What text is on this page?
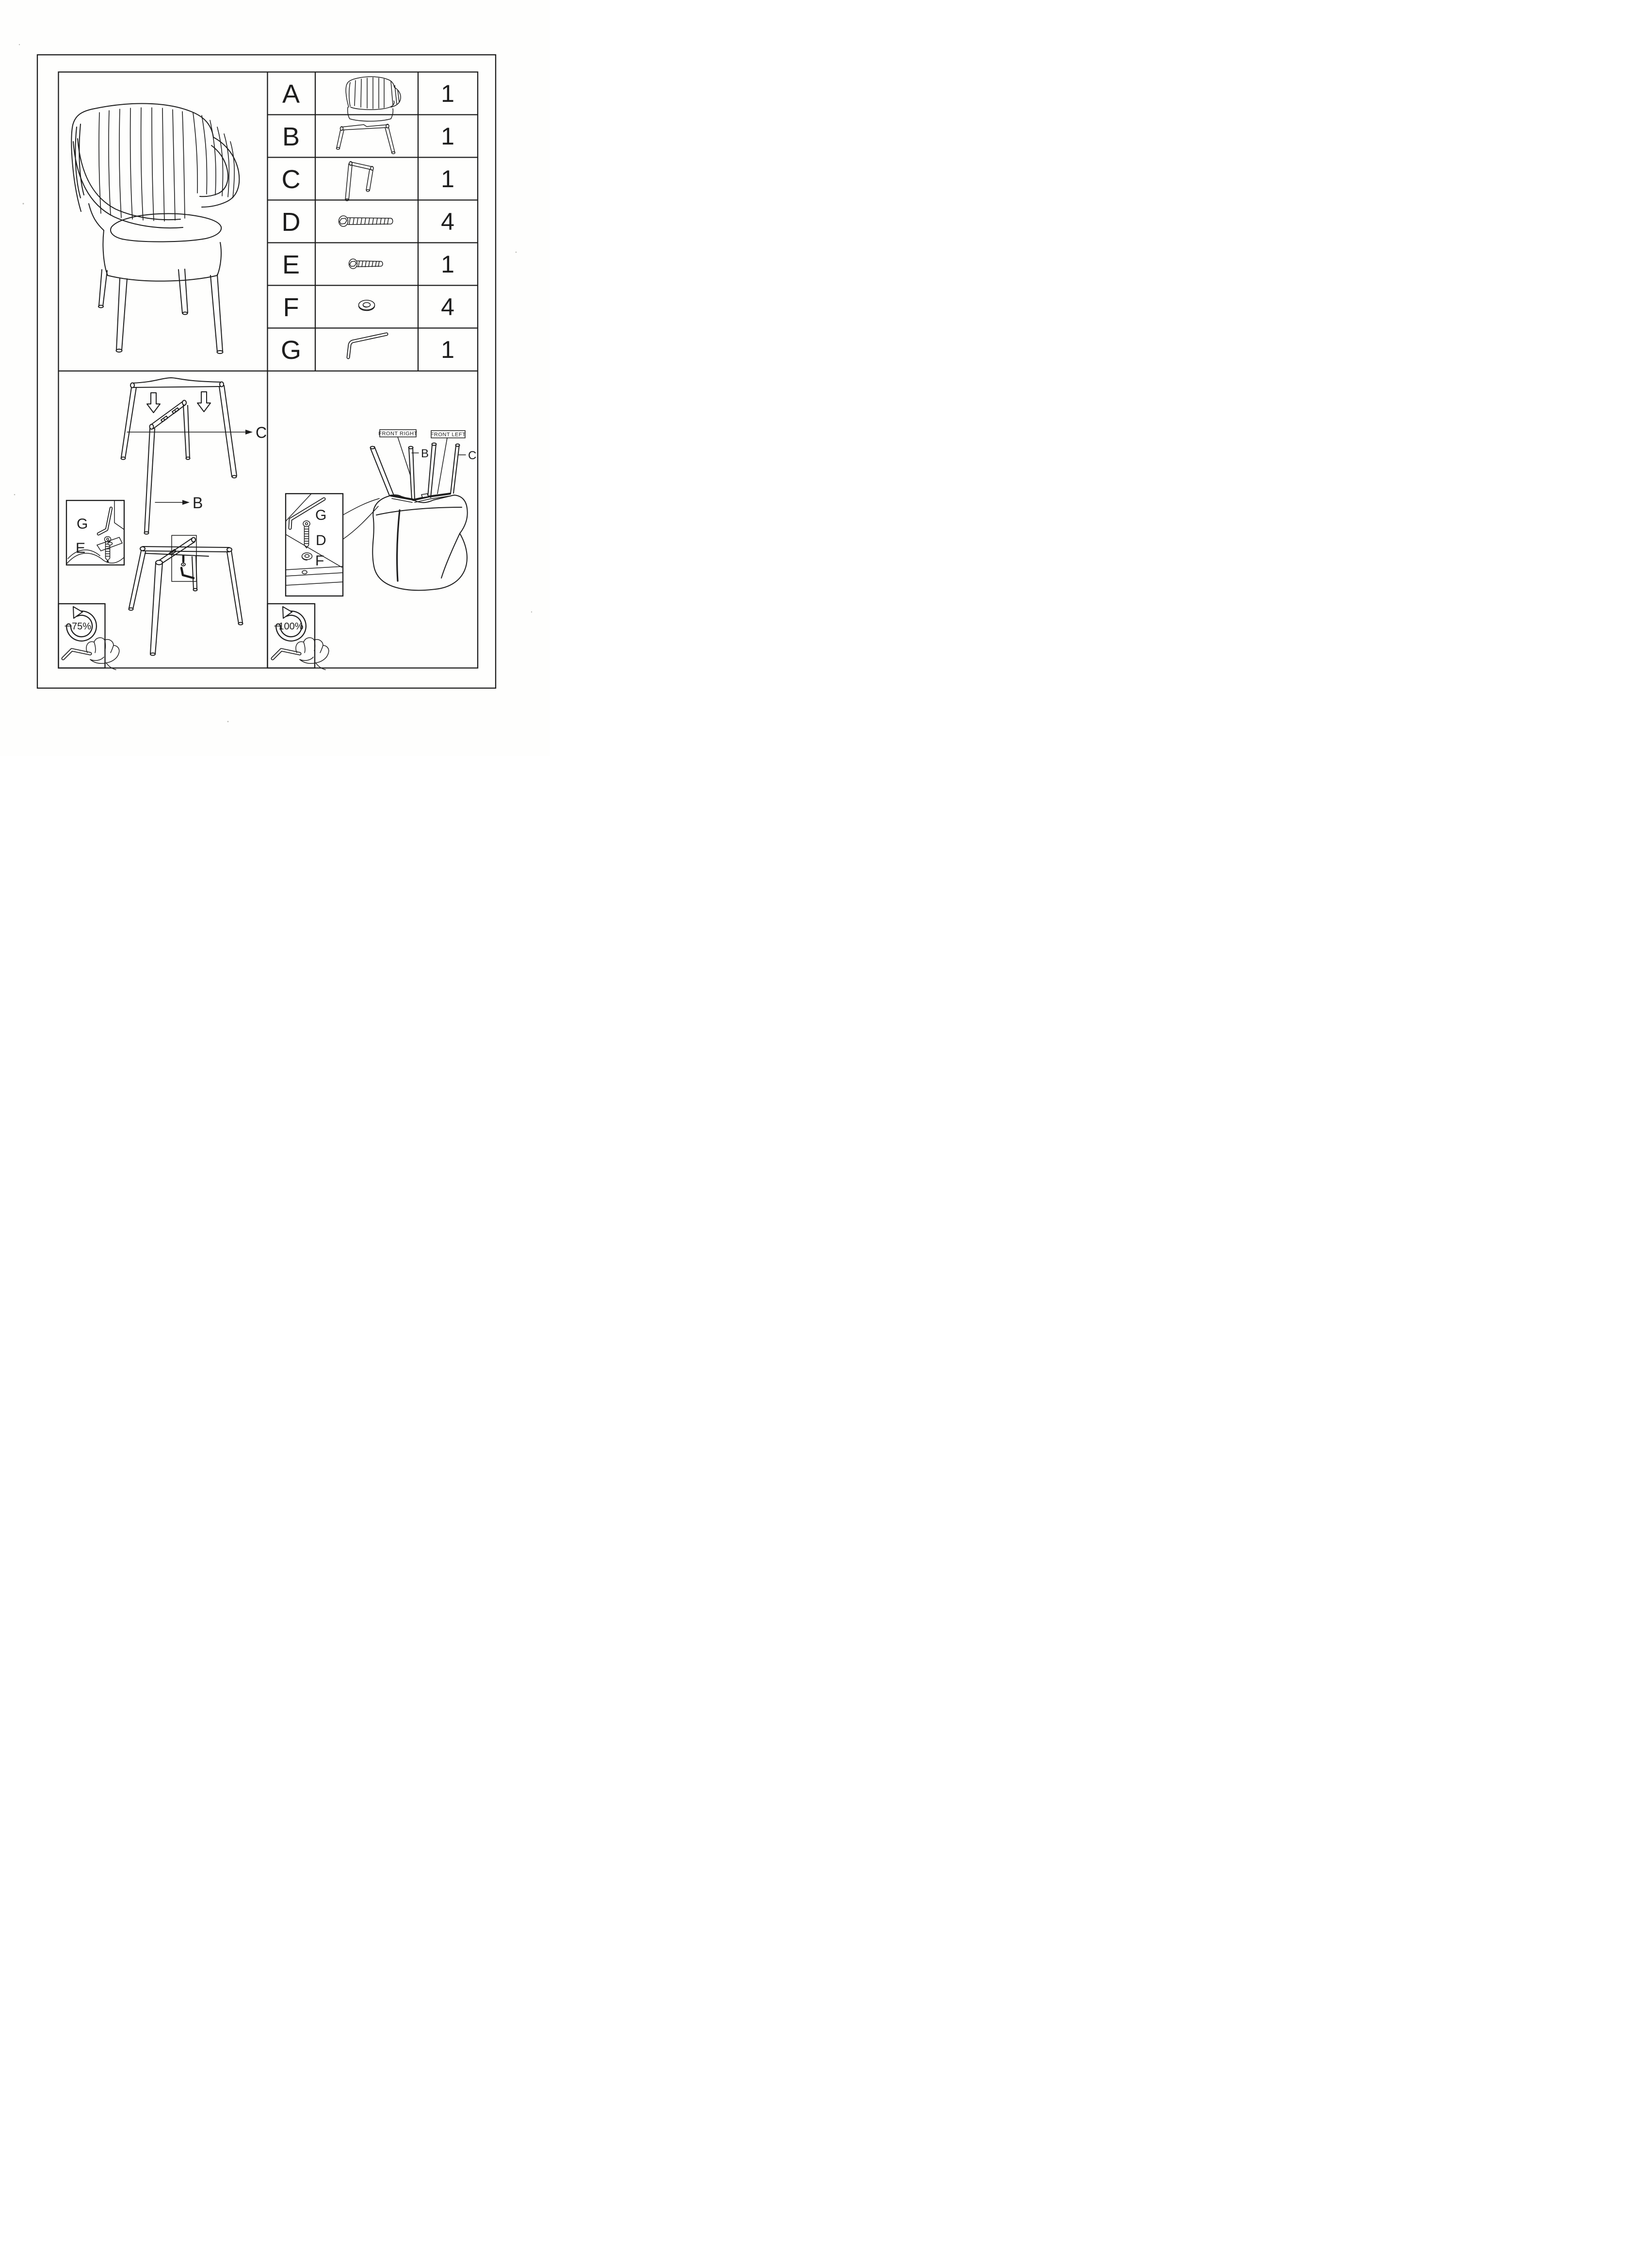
A
B
C
D
E
F
G
1
1
1
4
1
4
1
C
B
G
E
75%
FRONT RIGHT FRONT LEFT
B	C
G
D
F
100%
